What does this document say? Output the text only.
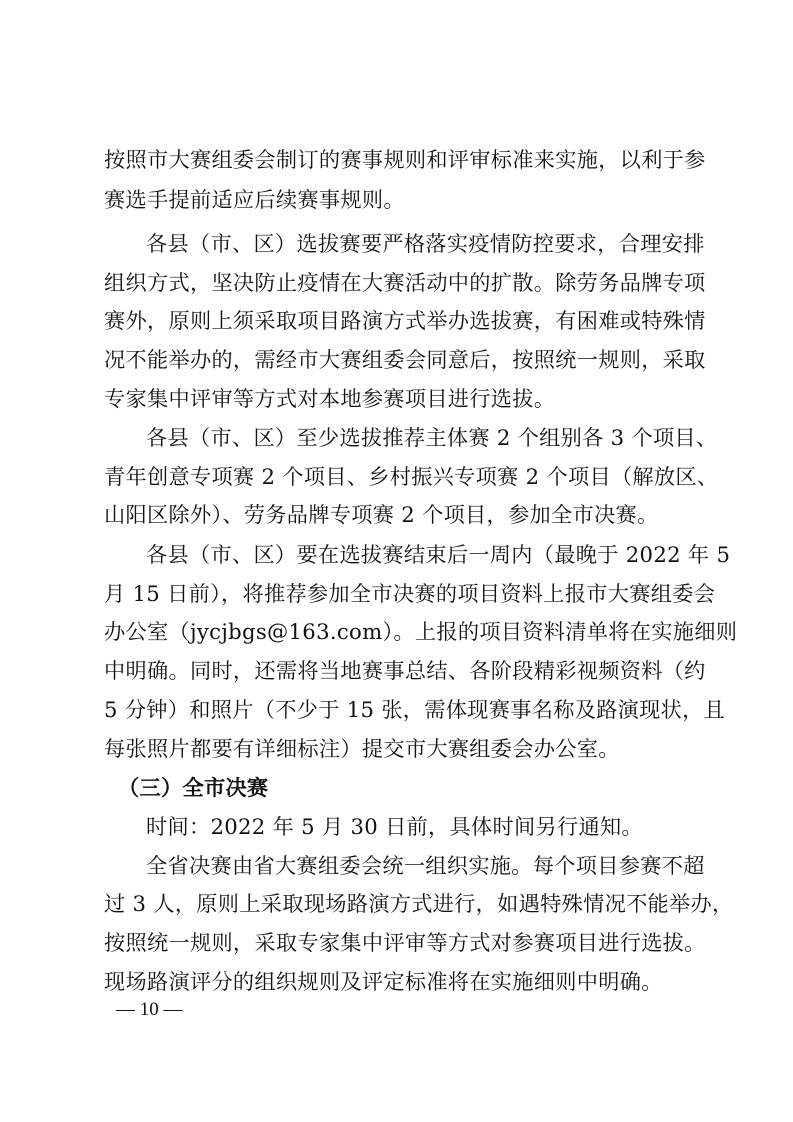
按照市大赛组委会制订的赛事规则和评审标准来实施，以利于参
赛选手提前适应后续赛事规则。
各县（市、区）选拔赛要严格落实疫情防控要求，合理安排
组织方式，坚决防止疫情在大赛活动中的扩散。除劳务品牌专项
赛外，原则上须采取项目路演方式举办选拔赛，有困难或特殊情
况不能举办的，需经市大赛组委会同意后，按照统一规则，采取
专家集中评审等方式对本地参赛项目进行选拔。
各县（市、区）至少选拔推荐主体赛 2 个组别各 3 个项目、
青年创意专项赛 2 个项目、乡村振兴专项赛 2 个项目（解放区、
山阳区除外）、劳务品牌专项赛 2 个项目，参加全市决赛。
各县（市、区）要在选拔赛结束后一周内（最晚于 2022 年 5
月 15 日前），将推荐参加全市决赛的项目资料上报市大赛组委会
办公室（jycjbgs@163.com）。上报的项目资料清单将在实施细则
中明确。同时，还需将当地赛事总结、各阶段精彩视频资料（约
5 分钟）和照片（不少于 15 张，需体现赛事名称及路演现状，且
每张照片都要有详细标注）提交市大赛组委会办公室。
（三）全市决赛
时间：2022 年 5 月 30 日前，具体时间另行通知。
全省决赛由省大赛组委会统一组织实施。每个项目参赛不超
过 3 人，原则上采取现场路演方式进行，如遇特殊情况不能举办，
按照统一规则，采取专家集中评审等方式对参赛项目进行选拔。
现场路演评分的组织规则及评定标准将在实施细则中明确。
— 10 —
